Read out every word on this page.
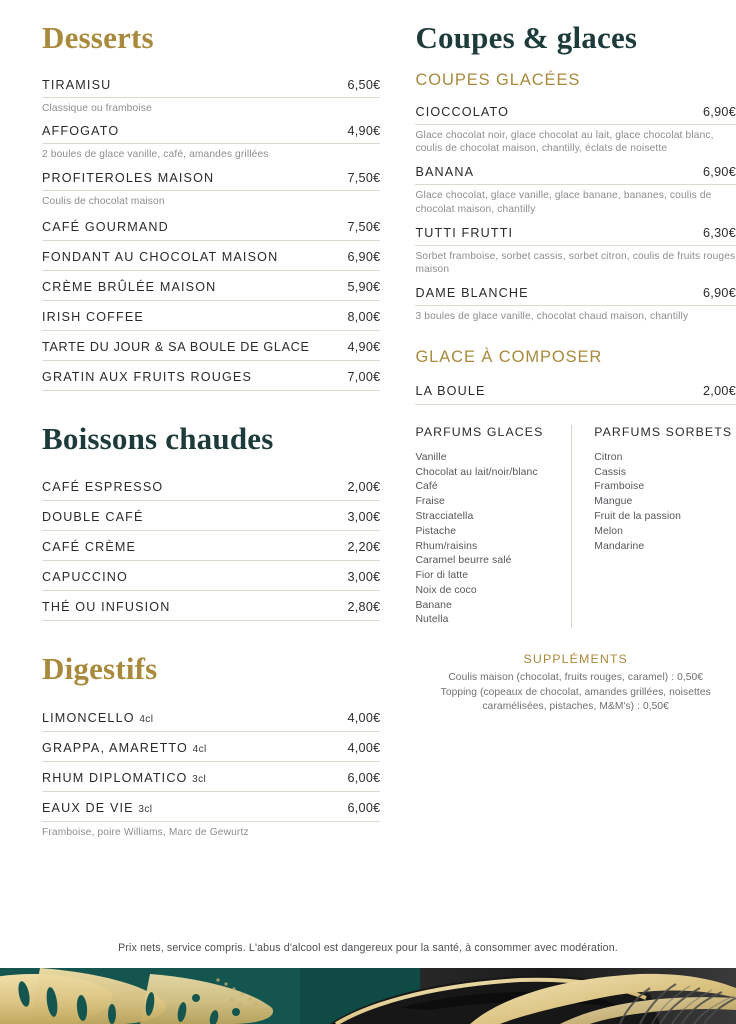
Desserts
TIRAMISU	6,50€
Classique ou framboise
AFFOGATO	4,90€
2 boules de glace vanille, café, amandes grillées
PROFITEROLES MAISON	7,50€
Coulis de chocolat maison
CAFÉ GOURMAND	7,50€
FONDANT AU CHOCOLAT MAISON	6,90€
CRÈME BRÛLÉE MAISON	5,90€
IRISH COFFEE	8,00€
TARTE DU JOUR & SA BOULE DE GLACE	4,90€
GRATIN AUX FRUITS ROUGES	7,00€
Boissons chaudes
CAFÉ ESPRESSO	2,00€
DOUBLE CAFÉ	3,00€
CAFÉ CRÈME	2,20€
CAPUCCINO	3,00€
THÉ OU INFUSION	2,80€
Digestifs
LIMONCELLO 4cl	4,00€
GRAPPA, AMARETTO 4cl	4,00€
RHUM DIPLOMATICO 3cl	6,00€
EAUX DE VIE 3cl	6,00€
Framboise, poire Williams, Marc de Gewurtz
Coupes & glaces
COUPES GLACÉES
CIOCCOLATO	6,90€
Glace chocolat noir, glace chocolat au lait, glace chocolat blanc, coulis de chocolat maison, chantilly, éclats de noisette
BANANA	6,90€
Glace chocolat, glace vanille, glace banane, bananes, coulis de chocolat maison, chantilly
TUTTI FRUTTI	6,30€
Sorbet framboise, sorbet cassis, sorbet citron, coulis de fruits rouges maison
DAME BLANCHE	6,90€
3 boules de glace vanille, chocolat chaud maison, chantilly
GLACE À COMPOSER
LA BOULE	2,00€
PARFUMS GLACES
Vanille
Chocolat au lait/noir/blanc
Café
Fraise
Stracciatella
Pistache
Rhum/raisins
Caramel beurre salé
Fior di latte
Noix de coco
Banane
Nutella
PARFUMS SORBETS
Citron
Cassis
Framboise
Mangue
Fruit de la passion
Melon
Mandarine
SUPPLÉMENTS
Coulis maison (chocolat, fruits rouges, caramel) : 0,50€
Topping (copeaux de chocolat, amandes grillées, noisettes
caramélisées, pistaches, M&M's) : 0,50€
Prix nets, service compris. L'abus d'alcool est dangereux pour la santé, à consommer avec modération.
